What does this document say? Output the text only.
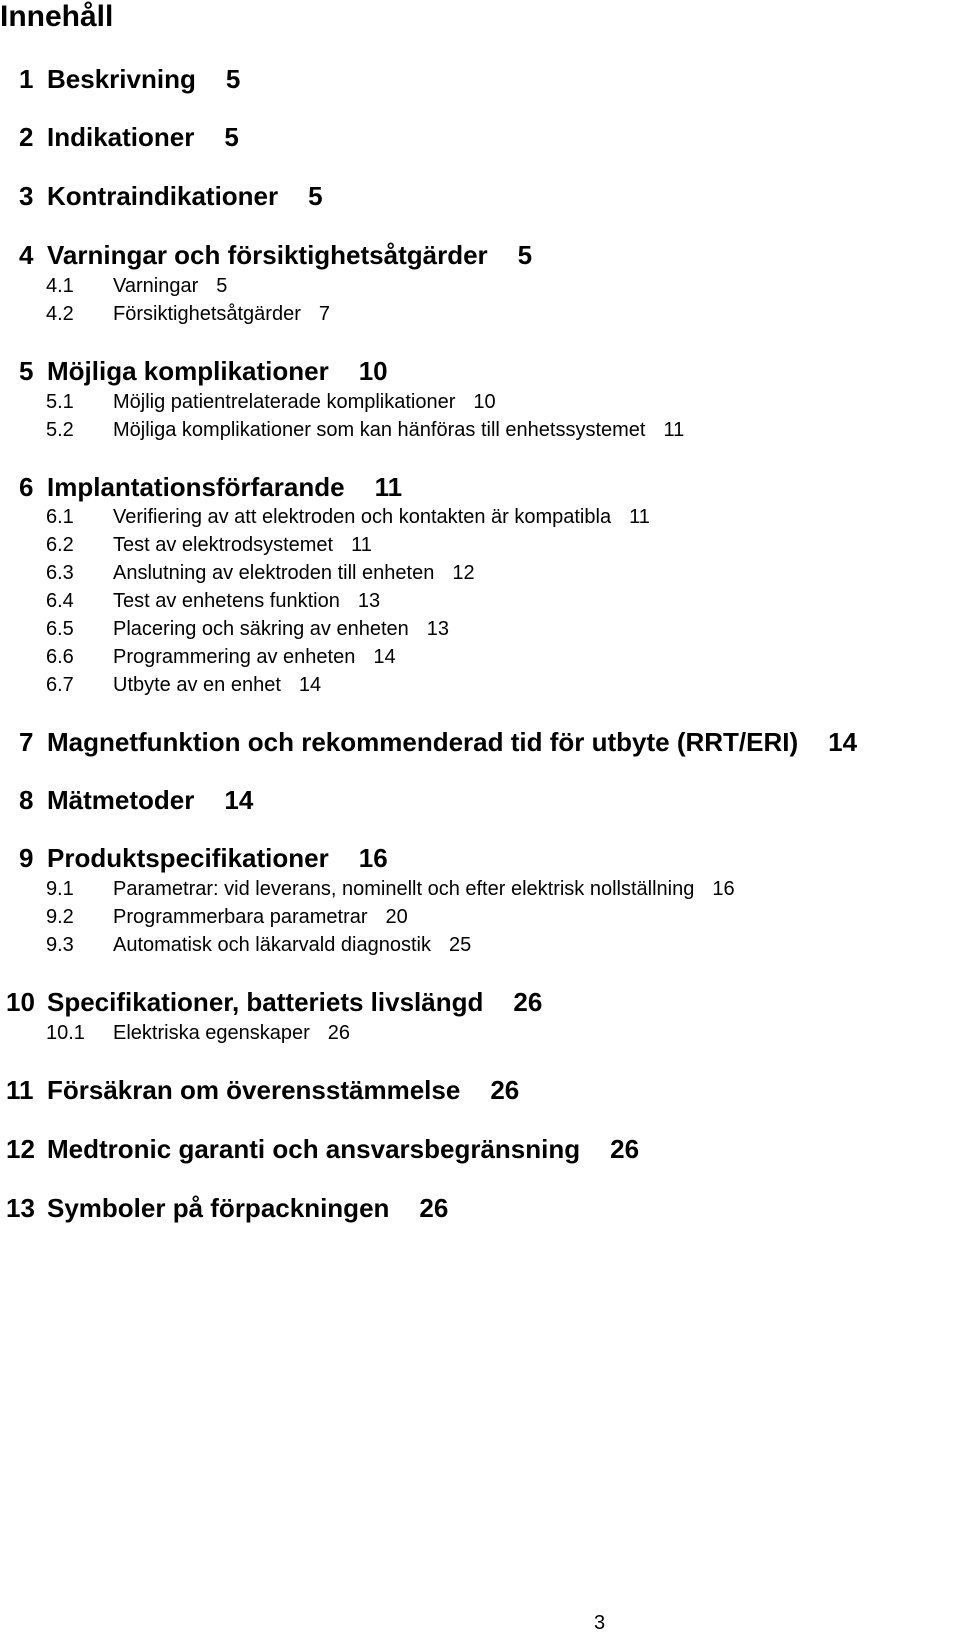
Innehåll
1 Beskrivning 5
2 Indikationer 5
3 Kontraindikationer 5
4 Varningar och försiktighetsåtgärder 5
4.1 Varningar 5
4.2 Försiktighetsåtgärder 7
5 Möjliga komplikationer 10
5.1 Möjlig patientrelaterade komplikationer 10
5.2 Möjliga komplikationer som kan hänföras till enhetssystemet 11
6 Implantationsförfarande 11
6.1 Verifiering av att elektroden och kontakten är kompatibla 11
6.2 Test av elektrodsystemet 11
6.3 Anslutning av elektroden till enheten 12
6.4 Test av enhetens funktion 13
6.5 Placering och säkring av enheten 13
6.6 Programmering av enheten 14
6.7 Utbyte av en enhet 14
7 Magnetfunktion och rekommenderad tid för utbyte (RRT/ERI) 14
8 Mätmetoder 14
9 Produktspecifikationer 16
9.1 Parametrar: vid leverans, nominellt och efter elektrisk nollställning 16
9.2 Programmerbara parametrar 20
9.3 Automatisk och läkarvald diagnostik 25
10 Specifikationer, batteriets livslängd 26
10.1 Elektriska egenskaper 26
11 Försäkran om överensstämmelse 26
12 Medtronic garanti och ansvarsbegränsning 26
13 Symboler på förpackningen 26
3
